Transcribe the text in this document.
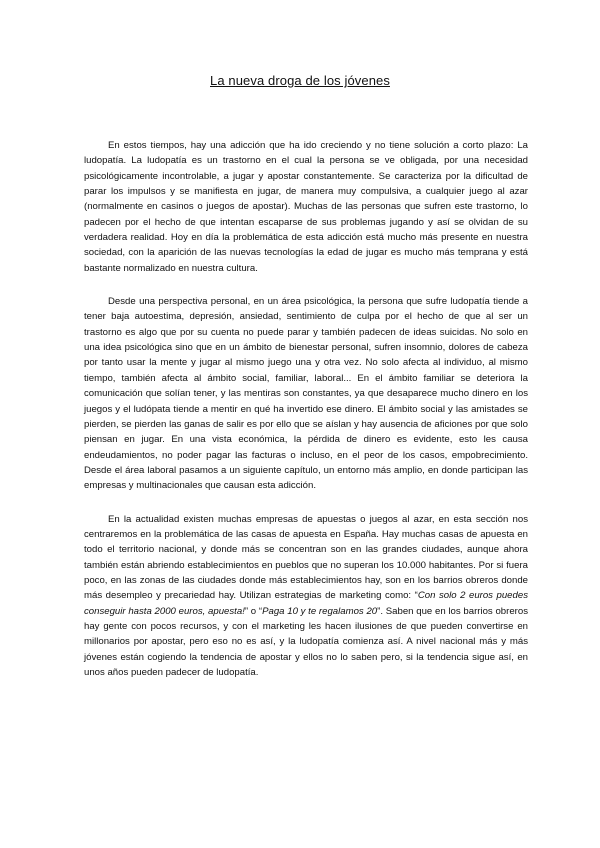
La nueva droga de los jóvenes

En estos tiempos, hay una adicción que ha ido creciendo y no tiene solución a corto plazo: La ludopatía. La ludopatía es un trastorno en el cual la persona se ve obligada, por una necesidad psicológicamente incontrolable, a jugar y apostar constantemente. Se caracteriza por la dificultad de parar los impulsos y se manifiesta en jugar, de manera muy compulsiva, a cualquier juego al azar (normalmente en casinos o juegos de apostar). Muchas de las personas que sufren este trastorno, lo padecen por el hecho de que intentan escaparse de sus problemas jugando y así se olvidan de su verdadera realidad. Hoy en día la problemática de esta adicción está mucho más presente en nuestra sociedad, con la aparición de las nuevas tecnologías la edad de jugar es mucho más temprana y está bastante normalizado en nuestra cultura.

Desde una perspectiva personal, en un área psicológica, la persona que sufre ludopatía tiende a tener baja autoestima, depresión, ansiedad, sentimiento de culpa por el hecho de que al ser un trastorno es algo que por su cuenta no puede parar y también padecen de ideas suicidas. No solo en una idea psicológica sino que en un ámbito de bienestar personal, sufren insomnio, dolores de cabeza por tanto usar la mente y jugar al mismo juego una y otra vez. No solo afecta al individuo, al mismo tiempo, también afecta al ámbito social, familiar, laboral... En el ámbito familiar se deteriora la comunicación que solían tener, y las mentiras son constantes, ya que desaparece mucho dinero en los juegos y el ludópata tiende a mentir en qué ha invertido ese dinero. El ámbito social y las amistades se pierden, se pierden las ganas de salir es por ello que se aíslan y hay ausencia de aficiones por que solo piensan en jugar. En una vista económica, la pérdida de dinero es evidente, esto les causa endeudamientos, no poder pagar las facturas o incluso, en el peor de los casos, empobrecimiento. Desde el área laboral pasamos a un siguiente capítulo, un entorno más amplio, en donde participan las empresas y multinacionales que causan esta adicción.

En la actualidad existen muchas empresas de apuestas o juegos al azar, en esta sección nos centraremos en la problemática de las casas de apuesta en España. Hay muchas casas de apuesta en todo el territorio nacional, y donde más se concentran son en las grandes ciudades, aunque ahora también están abriendo establecimientos en pueblos que no superan los 10.000 habitantes. Por si fuera poco, en las zonas de las ciudades donde más establecimientos hay, son en los barrios obreros donde más desempleo y precariedad hay. Utilizan estrategias de marketing como: “Con solo 2 euros puedes conseguir hasta 2000 euros, apuesta!” o “Paga 10 y te regalamos 20”. Saben que en los barrios obreros hay gente con pocos recursos, y con el marketing les hacen ilusiones de que pueden convertirse en millonarios por apostar, pero eso no es así, y la ludopatía comienza así. A nivel nacional más y más jóvenes están cogiendo la tendencia de apostar y ellos no lo saben pero, si la tendencia sigue así, en unos años pueden padecer de ludopatía.
